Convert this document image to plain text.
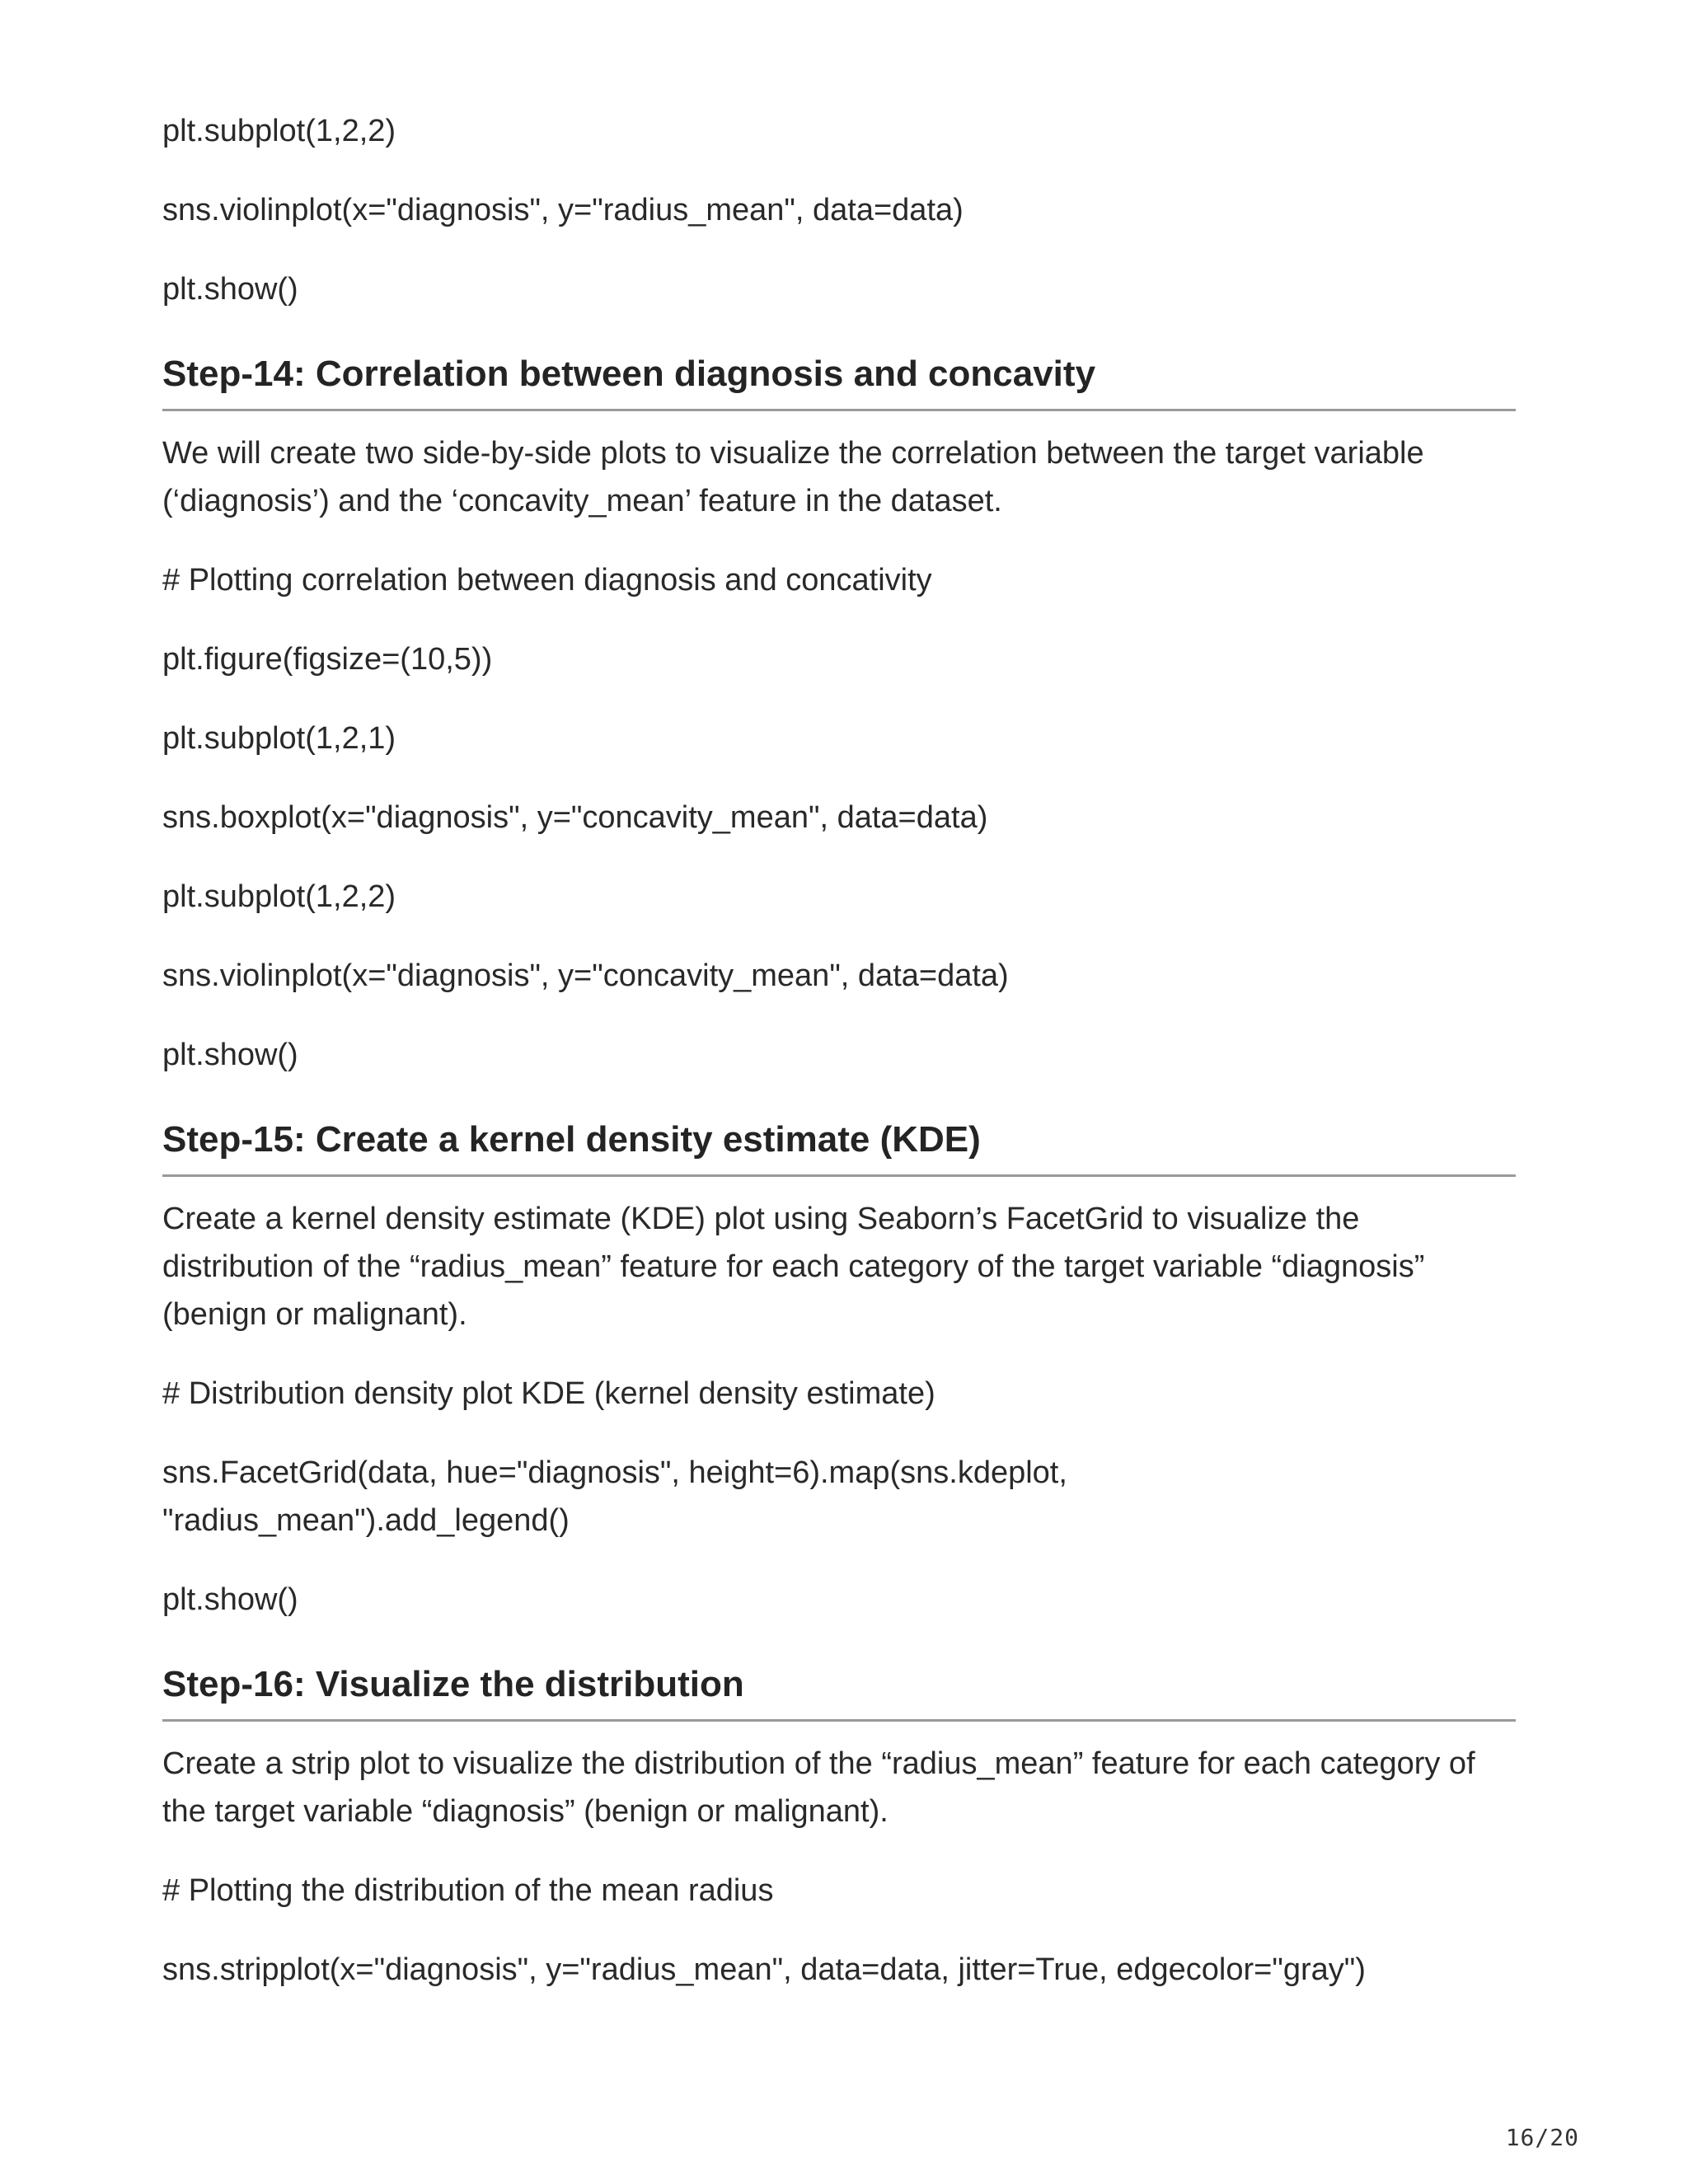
plt.subplot(1,2,2)
sns.violinplot(x="diagnosis", y="radius_mean", data=data)
plt.show()
Step-14: Correlation between diagnosis and concavity
We will create two side-by-side plots to visualize the correlation between the target variable (‘diagnosis’) and the ‘concavity_mean’ feature in the dataset.
# Plotting correlation between diagnosis and concativity
plt.figure(figsize=(10,5))
plt.subplot(1,2,1)
sns.boxplot(x="diagnosis", y="concavity_mean", data=data)
plt.subplot(1,2,2)
sns.violinplot(x="diagnosis", y="concavity_mean", data=data)
plt.show()
Step-15: Create a kernel density estimate (KDE)
Create a kernel density estimate (KDE) plot using Seaborn’s FacetGrid to visualize the distribution of the “radius_mean” feature for each category of the target variable “diagnosis” (benign or malignant).
# Distribution density plot KDE (kernel density estimate)
sns.FacetGrid(data, hue="diagnosis", height=6).map(sns.kdeplot,
"radius_mean").add_legend()
plt.show()
Step-16: Visualize the distribution
Create a strip plot to visualize the distribution of the “radius_mean” feature for each category of the target variable “diagnosis” (benign or malignant).
# Plotting the distribution of the mean radius
sns.stripplot(x="diagnosis", y="radius_mean", data=data, jitter=True, edgecolor="gray")
16/20
